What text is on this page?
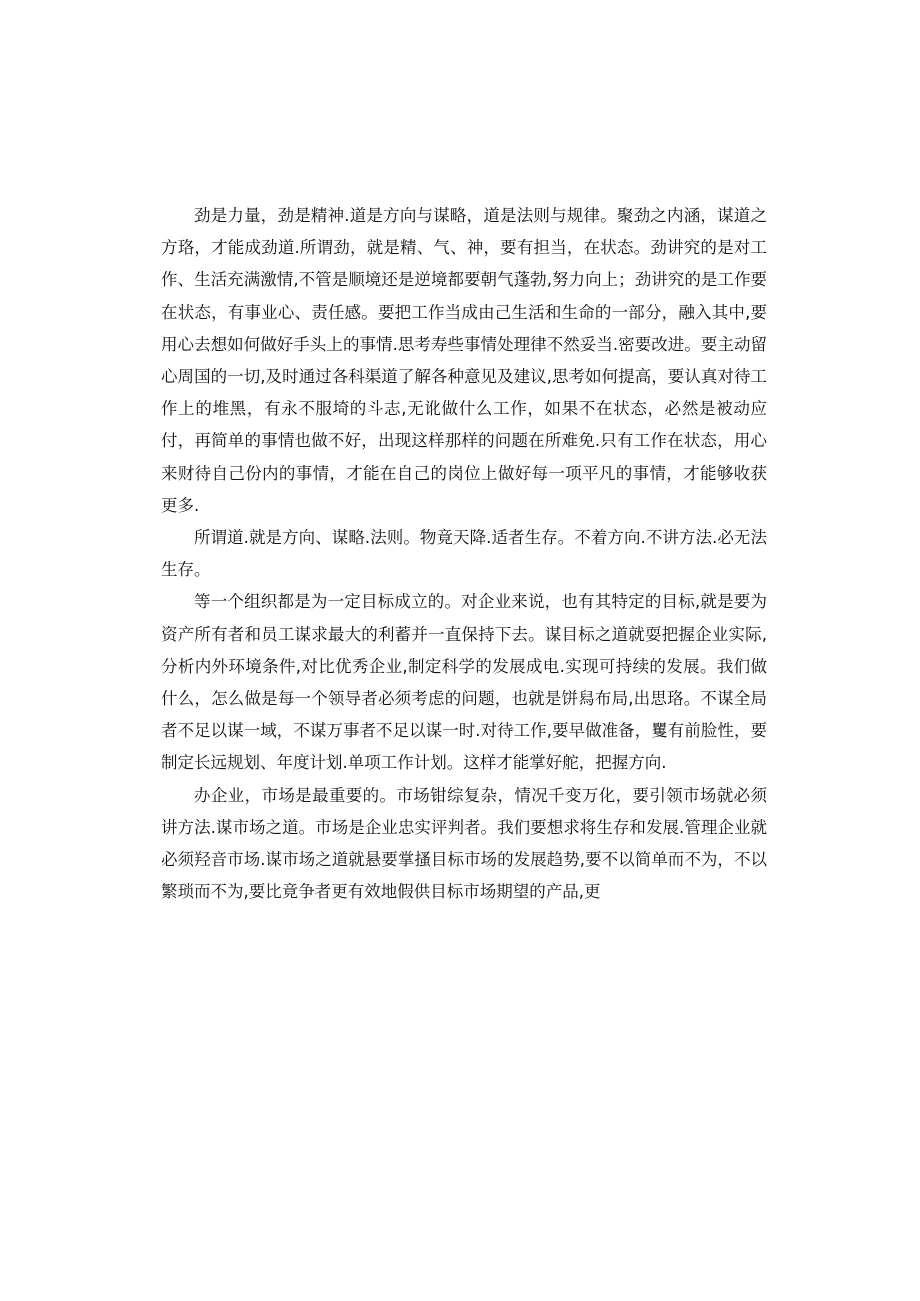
劲是力量，劲是精神.道是方向与谋略，道是法则与规律。聚劲之内涵，谋道之方珞，才能成劲道.所谓劲，就是精、气、神，要有担当，在状态。劲讲究的是对工作、生活充满激情,不管是顺境还是逆境都要朝气蓬勃,努力向上；劲讲究的是工作要在状态，有事业心、责任感。要把工作当成由己生活和生命的一部分，融入其中,要用心去想如何做好手头上的事情.思考寿些事情处理律不然妥当.密要改进。要主动留心周国的一切,及时通过各科渠道了解各种意见及建议,思考如何提高，要认真对待工作上的堆黑，有永不服埼的斗志,无讹做什么工作，如果不在状态，必然是被动应付，再简单的事情也做不好，出现这样那样的问题在所难免.只有工作在状态，用心来财待自己份内的事情，才能在自己的岗位上做好每一项平凡的事情，才能够收获更多.

所谓道.就是方向、谋略.法则。物竟天降.适者生存。不着方向.不讲方法.必无法生存。

等一个组织都是为一定目标成立的。对企业来说，也有其特定的目标,就是要为资产所有者和员工谋求最大的利蓄并一直保持下去。谋目标之道就耍把握企业实际,分析内外环境条件,对比优秀企业,制定科学的发展成电.实现可持续的发展。我们做什么，怎么做是每一个领导者必须考虑的问题，也就是饼舄布局,出思珞。不谋全局者不足以谋一域，不谋万事者不足以谋一时.对待工作,要早做准备，矍有前脸性，要制定长远规划、年度计划.单项工作计划。这样才能掌好舵，把握方向.

办企业，市场是最重要的。市场钳综复杂，情况千变万化，要引领市场就必须讲方法.谋市场之道。市场是企业忠实评判者。我们要想求将生存和发展.管理企业就必须羟音市场.谋市场之道就悬要掌搔目标市场的发展趋势,要不以简单而不为，不以繁琐而不为,要比竟争者更有效地假供目标市场期望的产品,更
